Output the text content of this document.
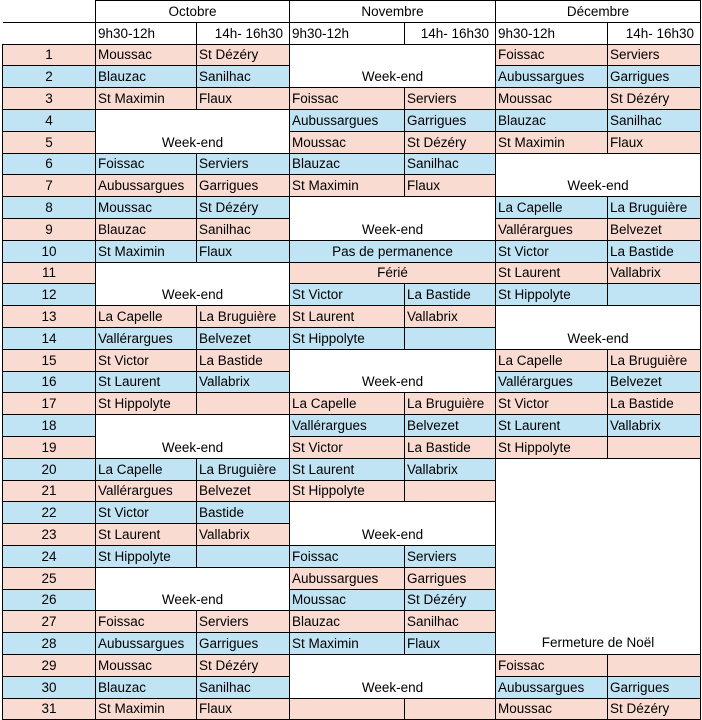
	Octobre		Novembre		Décembre	
	9h30-12h	14h- 16h30	9h30-12h	14h- 16h30	9h30-12h	14h- 16h30
1	Moussac	St Dézéry	Week-end		Foissac	Serviers
2	Blauzac	Sanilhac			Aubussargues	Garrigues
3	St Maximin	Flaux	Foissac	Serviers	Moussac	St Dézéry
4	Week-end		Aubussargues	Garrigues	Blauzac	Sanilhac
5			Moussac	St Dézéry	St Maximin	Flaux
6	Foissac	Serviers	Blauzac	Sanilhac	Week-end	
7	Aubussargues	Garrigues	St Maximin	Flaux		
8	Moussac	St Dézéry	Week-end		La Capelle	La Bruguière
9	Blauzac	Sanilhac			Vallérargues	Belvezet
10	St Maximin	Flaux	Pas de permanence		St Victor	La Bastide
11	Week-end		Férié		St Laurent	Vallabrix
12			St Victor	La Bastide	St Hippolyte	
13	La Capelle	La Bruguière	St Laurent	Vallabrix	Week-end	
14	Vallérargues	Belvezet	St Hippolyte			
15	St Victor	La Bastide	Week-end		La Capelle	La Bruguière
16	St Laurent	Vallabrix			Vallérargues	Belvezet
17	St Hippolyte		La Capelle	La Bruguière	St Victor	La Bastide
18	Week-end		Vallérargues	Belvezet	St Laurent	Vallabrix
19			St Victor	La Bastide	St Hippolyte	
20	La Capelle	La Bruguière	St Laurent	Vallabrix	Fermeture de Noël	
21	Vallérargues	Belvezet	St Hippolyte			
22	St Victor	Bastide	Week-end			
23	St Laurent	Vallabrix				
24	St Hippolyte		Foissac	Serviers		
25	Week-end		Aubussargues	Garrigues		
26			Moussac	St Dézéry		
27	Foissac	Serviers	Blauzac	Sanilhac		
28	Aubussargues	Garrigues	St Maximin	Flaux		
29	Moussac	St Dézéry	Week-end		Foissac	
30	Blauzac	Sanilhac			Aubussargues	Garrigues
31	St Maximin	Flaux			Moussac	St Dézéry
